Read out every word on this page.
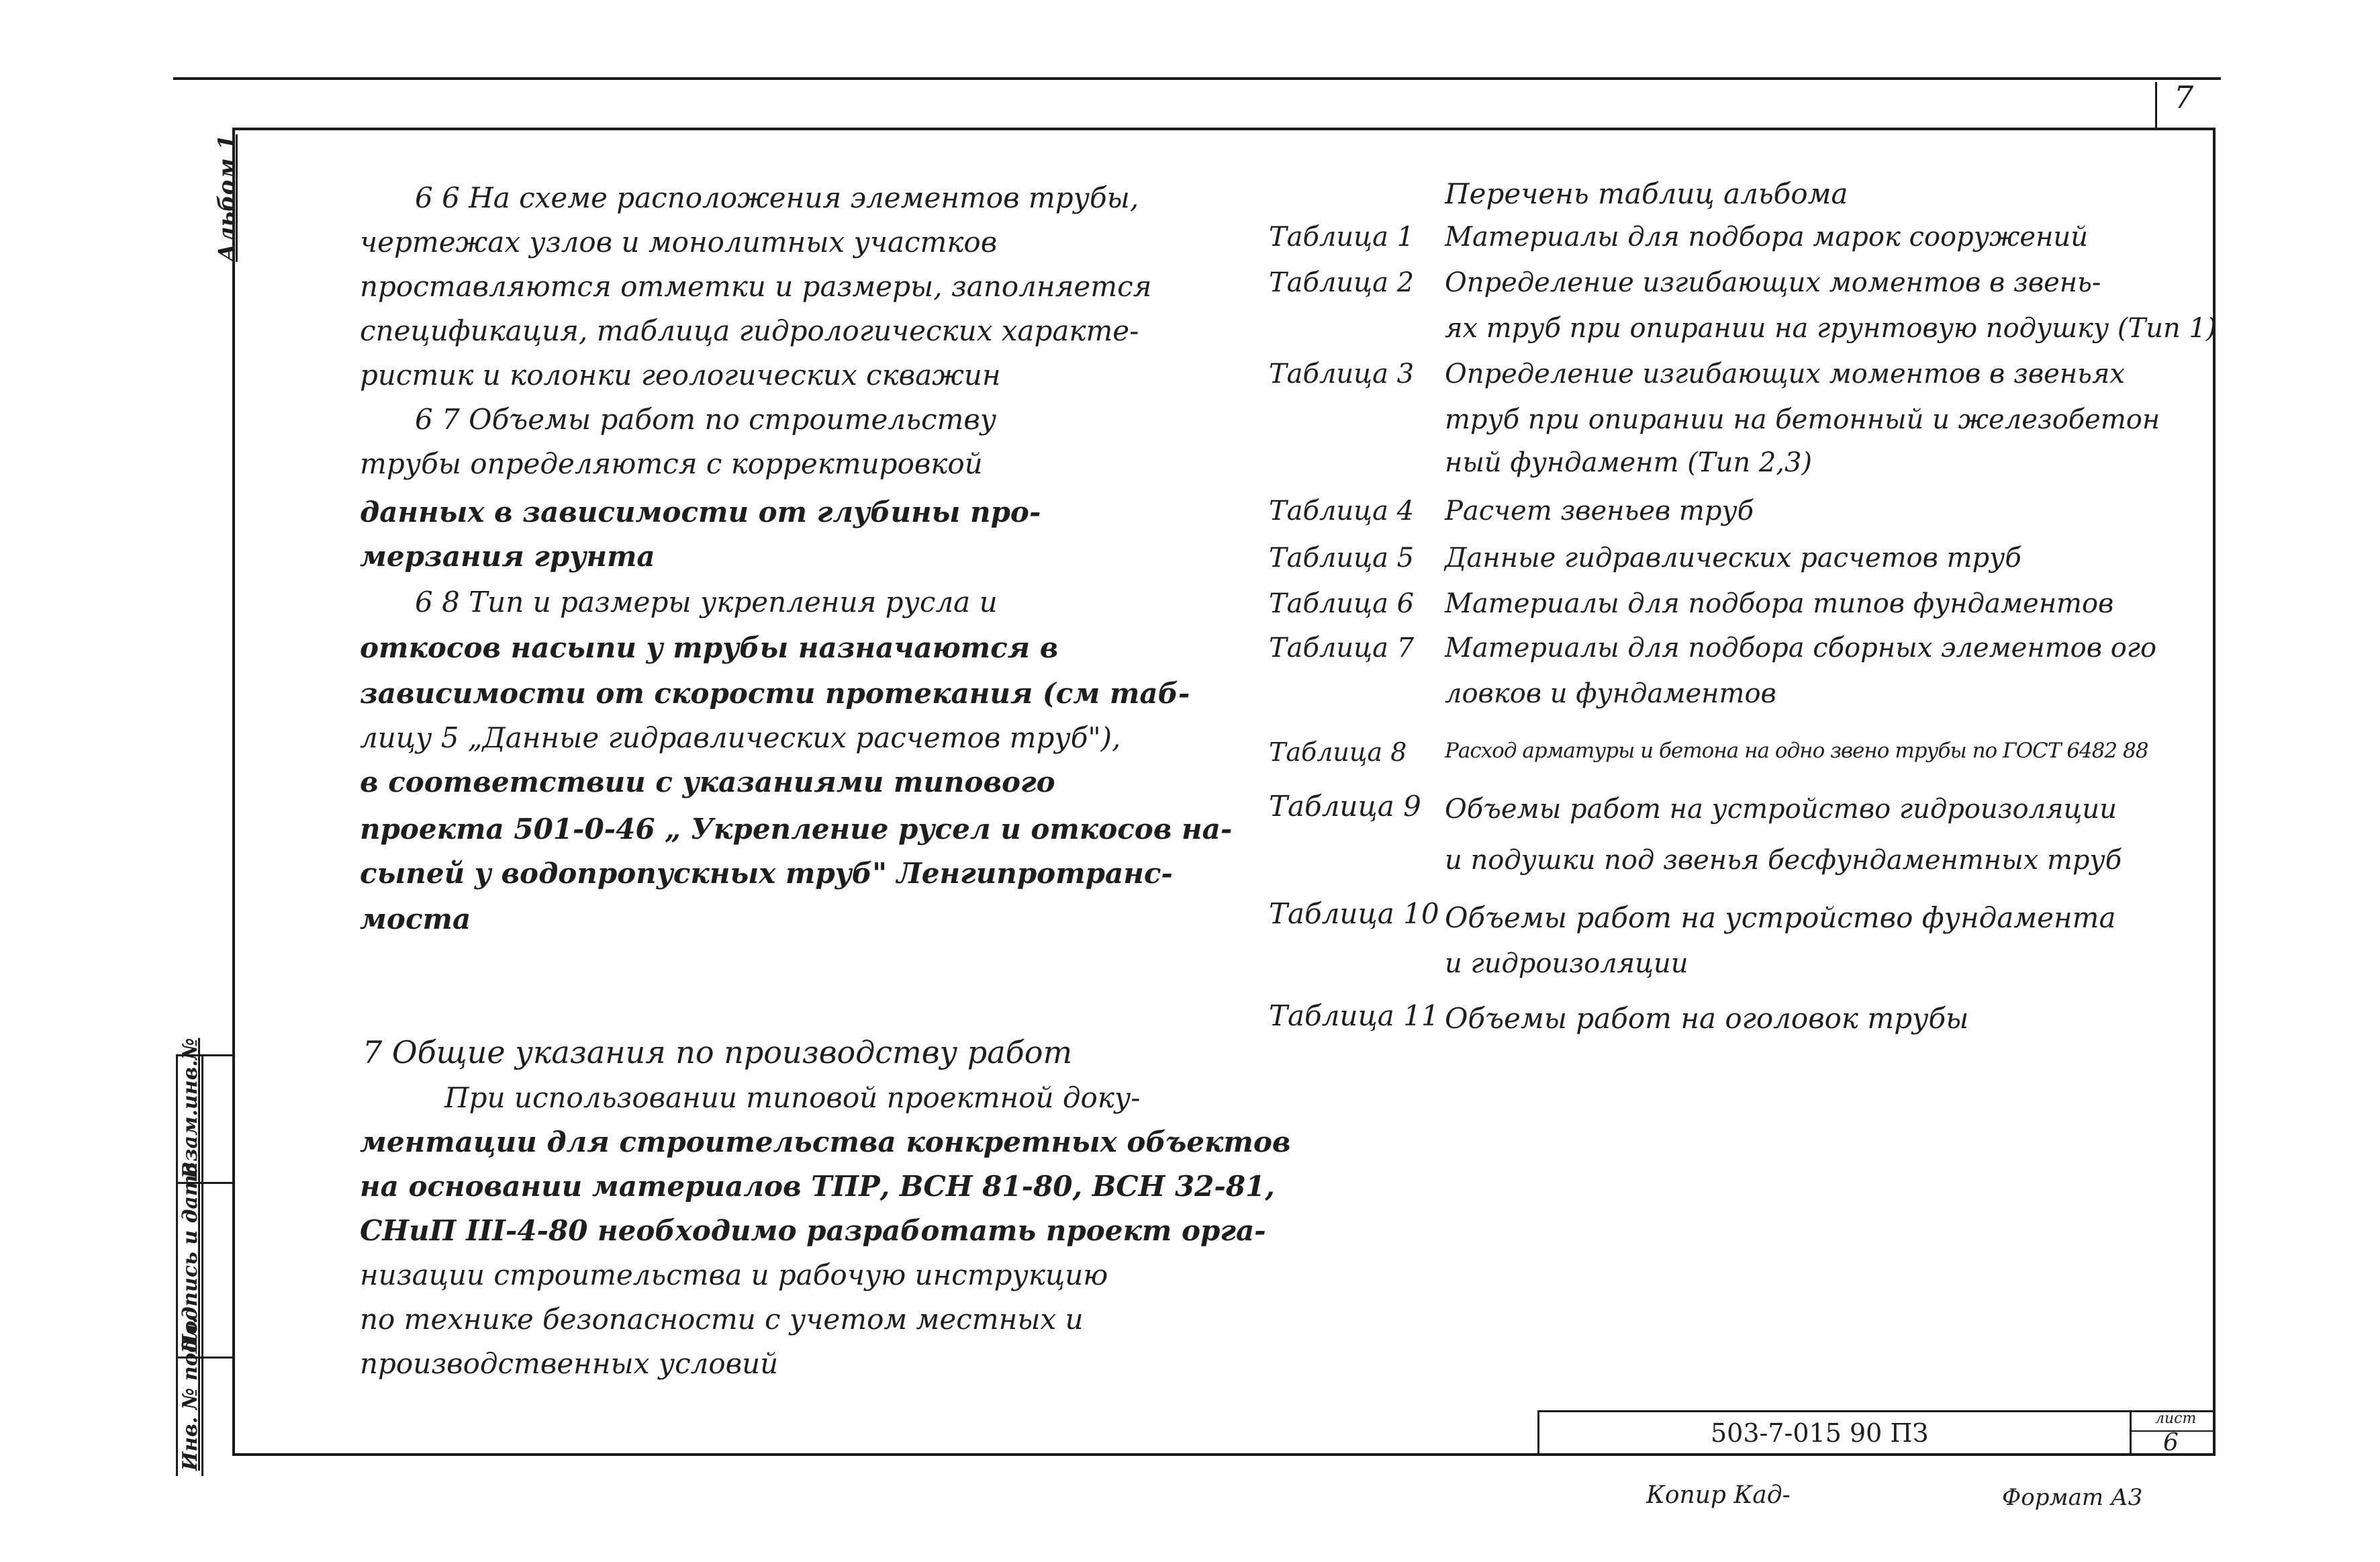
7
Альбом 1
Инв. № подл.
Подпись и дата
Взам.инв.№
6 6 На схеме расположения элементов трубы,
чертежах узлов и монолитных участков
проставляются отметки и размеры, заполняется
спецификация, таблица гидрологических характе-
ристик и колонки геологических скважин
6 7 Объемы работ по строительству
трубы определяются с корректировкой
данных в зависимости от глубины про-
мерзания грунта
6 8 Тип и размеры укрепления русла и
откосов насыпи у трубы назначаются в
зависимости от скорости протекания (см таб-
лицу 5 „Данные гидравлических расчетов труб"),
в соответствии с указаниями типового
проекта 501-0-46 „ Укрепление русел и откосов на-
сыпей у водопропускных труб" Ленгипротранс-
моста
7 Общие указания по производству работ
При использовании типовой проектной доку-
ментации для строительства конкретных объектов
на основании материалов ТПР, ВСН 81-80, ВСН 32-81,
СНиП III-4-80 необходимо разработать проект орга-
низации строительства и рабочую инструкцию
по технике безопасности с учетом местных и
производственных условий
Перечень таблиц альбома
Таблица 1 Материалы для подбора марок сооружений
Таблица 2 Определение изгибающих моментов в звень-
ях труб при опирании на грунтовую подушку (Тип 1)
Таблица 3 Определение изгибающих моментов в звеньях
труб при опирании на бетонный и железобетон
ный фундамент (Тип 2,3)
Таблица 4 Расчет звеньев труб
Таблица 5 Данные гидравлических расчетов труб
Таблица 6 Материалы для подбора типов фундаментов
Таблица 7 Материалы для подбора сборных элементов ого
ловков и фундаментов
Таблица 8 Расход арматуры и бетона на одно звено трубы по ГОСТ 6482 88
Таблица 9 Объемы работ на устройство гидроизоляции
и подушки под звенья бесфундаментных труб
Таблица 10 Объемы работ на устройство фундамента
и гидроизоляции
Таблица 11 Объемы работ на оголовок трубы
503-7-015 90 ПЗ	лист
6
Копир Кад-	Формат А3
